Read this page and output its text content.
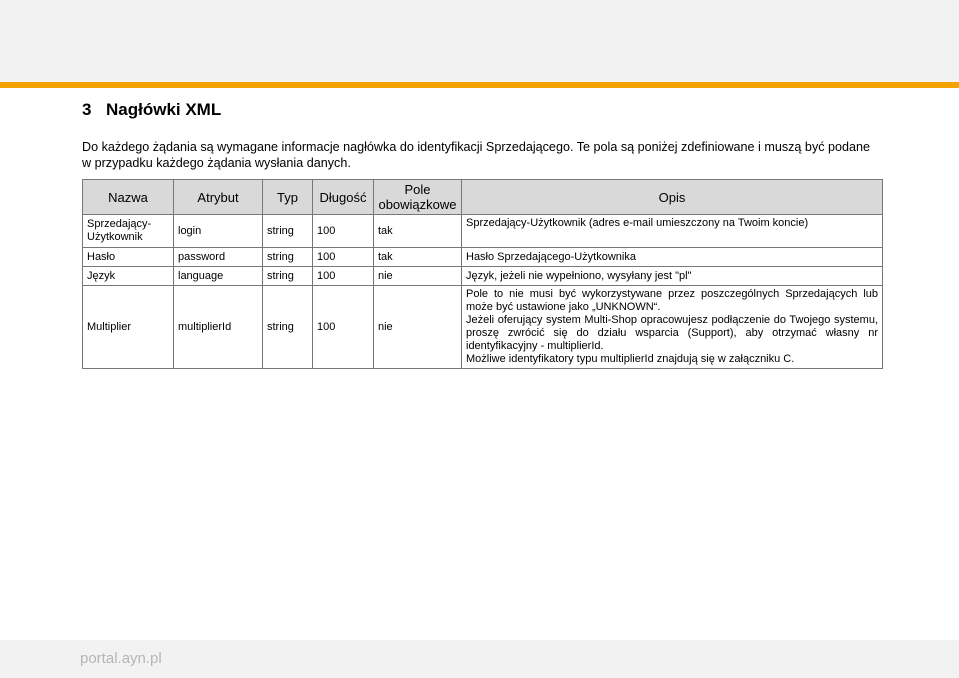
3 Nagłówki XML

Do każdego żądania są wymagane informacje nagłówka do identyfikacji Sprzedającego. Te pola są poniżej zdefiniowane i muszą być podane w przypadku każdego żądania wysłania danych.

Nazwa	Atrybut	Typ	Długość	Pole obowiązkowe	Opis
Sprzedający-Użytkownik	login	string	100	tak	Sprzedający-Użytkownik (adres e-mail umieszczony na Twoim koncie)
Hasło	password	string	100	tak	Hasło Sprzedającego-Użytkownika
Język	language	string	100	nie	Język, jeżeli nie wypełniono, wysyłany jest "pl"
Multiplier	multiplierId	string	100	nie	Pole to nie musi być wykorzystywane przez poszczególnych Sprzedających lub może być ustawione jako „UNKNOWN“.
Jeżeli oferujący system Multi-Shop opracowujesz podłączenie do Twojego systemu, proszę zwrócić się do działu wsparcia (Support), aby otrzymać własny nr identyfikacyjny - multiplierId.
Możliwe identyfikatory typu multiplierId znajdują się w załączniku C.
portal.ayn.pl
